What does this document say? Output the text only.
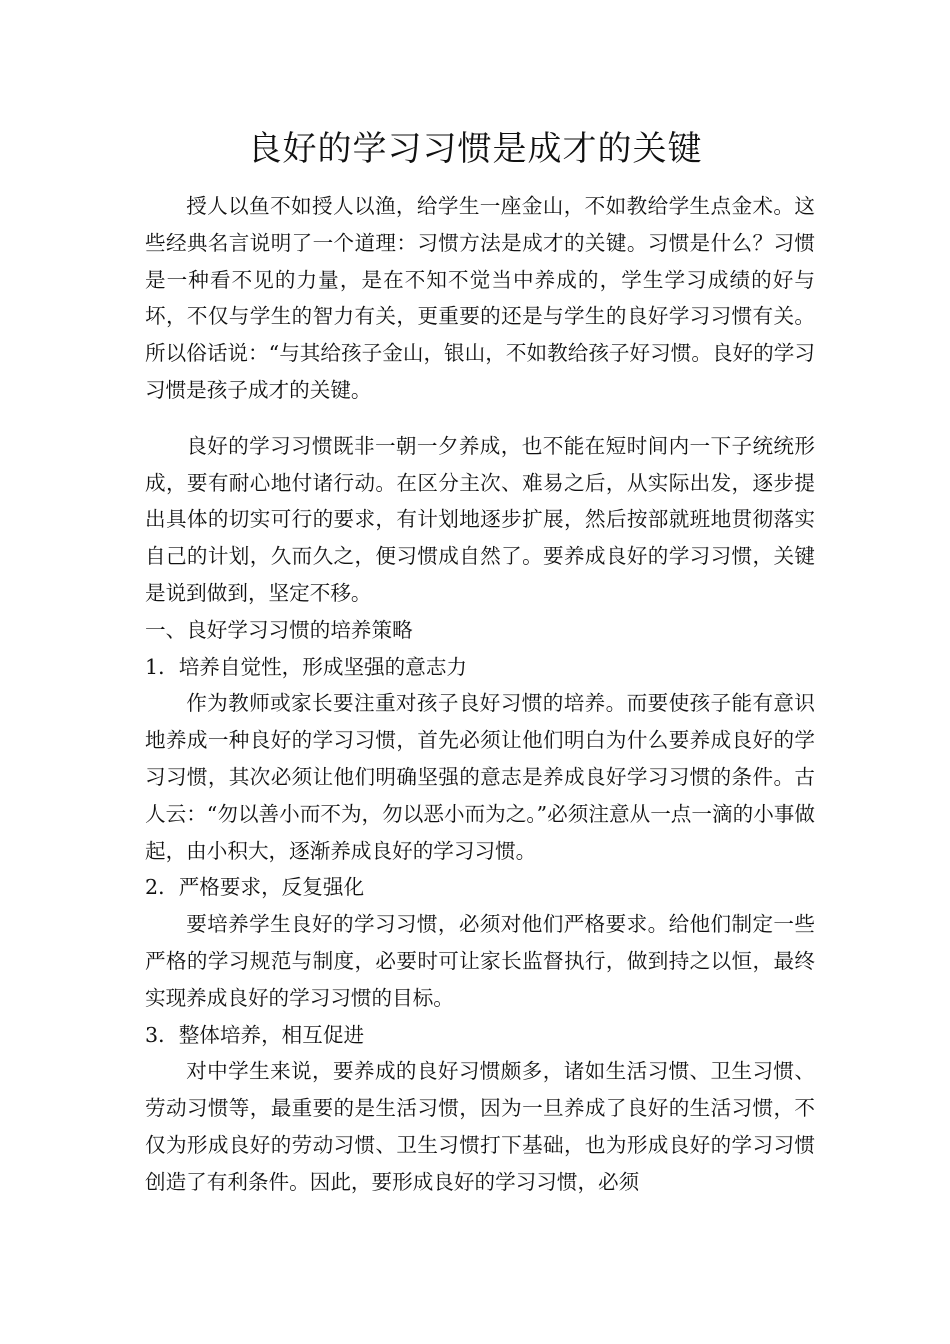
良好的学习习惯是成才的关键

授人以鱼不如授人以渔，给学生一座金山，不如教给学生点金术。这些经典名言说明了一个道理：习惯方法是成才的关键。习惯是什么？习惯是一种看不见的力量，是在不知不觉当中养成的，学生学习成绩的好与坏，不仅与学生的智力有关，更重要的还是与学生的良好学习习惯有关。所以俗话说：“与其给孩子金山，银山，不如教给孩子好习惯。良好的学习习惯是孩子成才的关键。

良好的学习习惯既非一朝一夕养成，也不能在短时间内一下子统统形成，要有耐心地付诸行动。在区分主次、难易之后，从实际出发，逐步提出具体的切实可行的要求，有计划地逐步扩展，然后按部就班地贯彻落实自己的计划，久而久之，便习惯成自然了。要养成良好的学习习惯，关键是说到做到，坚定不移。

一、良好学习习惯的培养策略

1．培养自觉性，形成坚强的意志力

作为教师或家长要注重对孩子良好习惯的培养。而要使孩子能有意识地养成一种良好的学习习惯，首先必须让他们明白为什么要养成良好的学习习惯，其次必须让他们明确坚强的意志是养成良好学习习惯的条件。古人云：“勿以善小而不为，勿以恶小而为之。”必须注意从一点一滴的小事做起，由小积大，逐渐养成良好的学习习惯。

2．严格要求，反复强化

要培养学生良好的学习习惯，必须对他们严格要求。给他们制定一些严格的学习规范与制度，必要时可让家长监督执行，做到持之以恒，最终实现养成良好的学习习惯的目标。

3．整体培养，相互促进

对中学生来说，要养成的良好习惯颇多，诸如生活习惯、卫生习惯、劳动习惯等，最重要的是生活习惯，因为一旦养成了良好的生活习惯，不仅为形成良好的劳动习惯、卫生习惯打下基础，也为形成良好的学习习惯创造了有利条件。因此，要形成良好的学习习惯，必须
